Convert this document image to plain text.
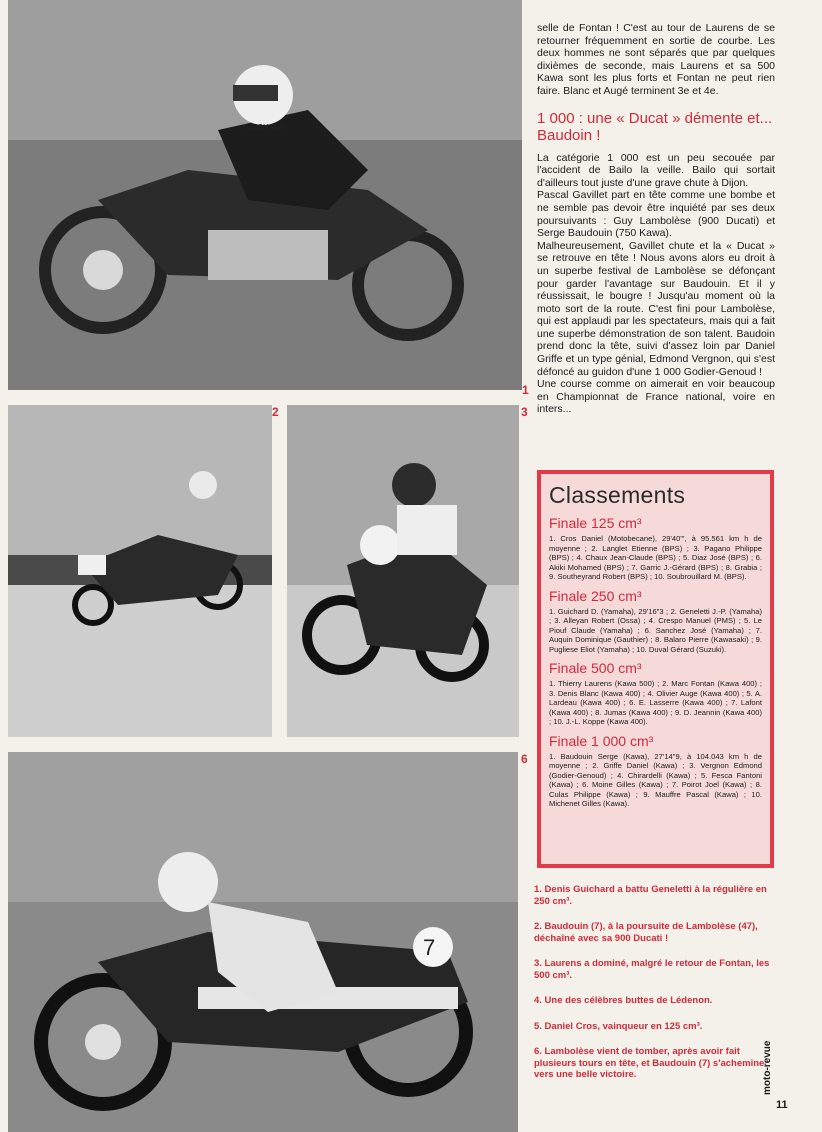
GUICHARD
1
2	3
7
6

selle de Fontan ! C'est au tour de Laurens de se retourner fréquemment en sortie de courbe. Les deux hommes ne sont séparés que par quelques dixièmes de seconde, mais Laurens et sa 500 Kawa sont les plus forts et Fontan ne peut rien faire. Blanc et Augé terminent 3e et 4e.

1 000 : une « Ducat » démente et... Baudoin !

La catégorie 1 000 est un peu secouée par l'accident de Bailo la veille. Bailo qui sortait d'ailleurs tout juste d'une grave chute à Dijon.

Pascal Gavillet part en tête comme une bombe et ne semble pas devoir être inquiété par ses deux poursuivants : Guy Lambolèse (900 Ducati) et Serge Baudouin (750 Kawa).

Malheureusement, Gavillet chute et la « Ducat » se retrouve en tête ! Nous avons alors eu droit à un superbe festival de Lambolèse se défonçant pour garder l'avantage sur Baudouin. Et il y réussissait, le bougre ! Jusqu'au moment où la moto sort de la route. C'est fini pour Lambolèse, qui est applaudi par les spectateurs, mais qui a fait une superbe démonstration de son talent. Baudoin prend donc la tête, suivi d'assez loin par Daniel Griffe et un type génial, Edmond Vergnon, qui s'est défoncé au guidon d'une 1 000 Godier-Genoud !

Une course comme on aimerait en voir beaucoup en Championnat de France national, voire en inters...

Classements
Finale 125 cm³

1. Cros Daniel (Motobecane), 29'40"', à 95.561 km h de moyenne ; 2. Langlet Etienne (BPS) ; 3. Pagano Philippe (BPS) ; 4. Chaux Jean-Claude (BPS) ; 5. Diaz José (BPS) ; 6. Akiki Mohamed (BPS) ; 7. Garric J.-Gérard (BPS) ; 8. Grabia ; 9. Southeyrand Robert (BPS) ; 10. Soubrouillard M. (BPS).

Finale 250 cm³

1. Guichard D. (Yamaha), 29'16"3 ; 2. Geneletti J.-P. (Yamaha) ; 3. Alleyan Robert (Ossa) ; 4. Crespo Manuel (PMS) ; 5. Le Piouf Claude (Yamaha) ; 6. Sanchez José (Yamaha) ; 7. Auquin Dominique (Gauthier) ; 8. Balaro Pierre (Kawasaki) ; 9. Pugliese Eliot (Yamaha) ; 10. Duval Gérard (Suzuki).

Finale 500 cm³

1. Thierry Laurens (Kawa 500) ; 2. Marc Fontan (Kawa 400) ; 3. Denis Blanc (Kawa 400) ; 4. Olivier Auge (Kawa 400) ; 5. A. Lardeau (Kawa 400) ; 6. E. Lasserre (Kawa 400) ; 7. Lafont (Kawa 400) ; 8. Jumas (Kawa 400) ; 9. D. Jeannin (Kawa 400) ; 10. J.-L. Koppe (Kawa 400).

Finale 1 000 cm³

1. Baudouin Serge (Kawa), 27'14"9, à 104.043 km h de moyenne ; 2. Griffe Daniel (Kawa) ; 3. Vergnon Edmond (Godier-Genoud) ; 4. Chirardelli (Kawa) ; 5. Fesca Fantoni (Kawa) ; 6. Moine Gilles (Kawa) ; 7. Poirot Joel (Kawa) ; 8. Culas Philippe (Kawa) ; 9. Mauffre Pascal (Kawa) ; 10. Michenet Gilles (Kawa).

1. Denis Guichard a battu Geneletti à la régulière en 250 cm³.

2. Baudouin (7), à la poursuite de Lambolèse (47), déchaîné avec sa 900 Ducati !

3. Laurens a dominé, malgré le retour de Fontan, les 500 cm³.

4. Une des célèbres buttes de Lédenon.

5. Daniel Cros, vainqueur en 125 cm³.

6. Lambolèse vient de tomber, après avoir fait plusieurs tours en tête, et Baudouin (7) s'achemine vers une belle victoire.	moto-revue
11
